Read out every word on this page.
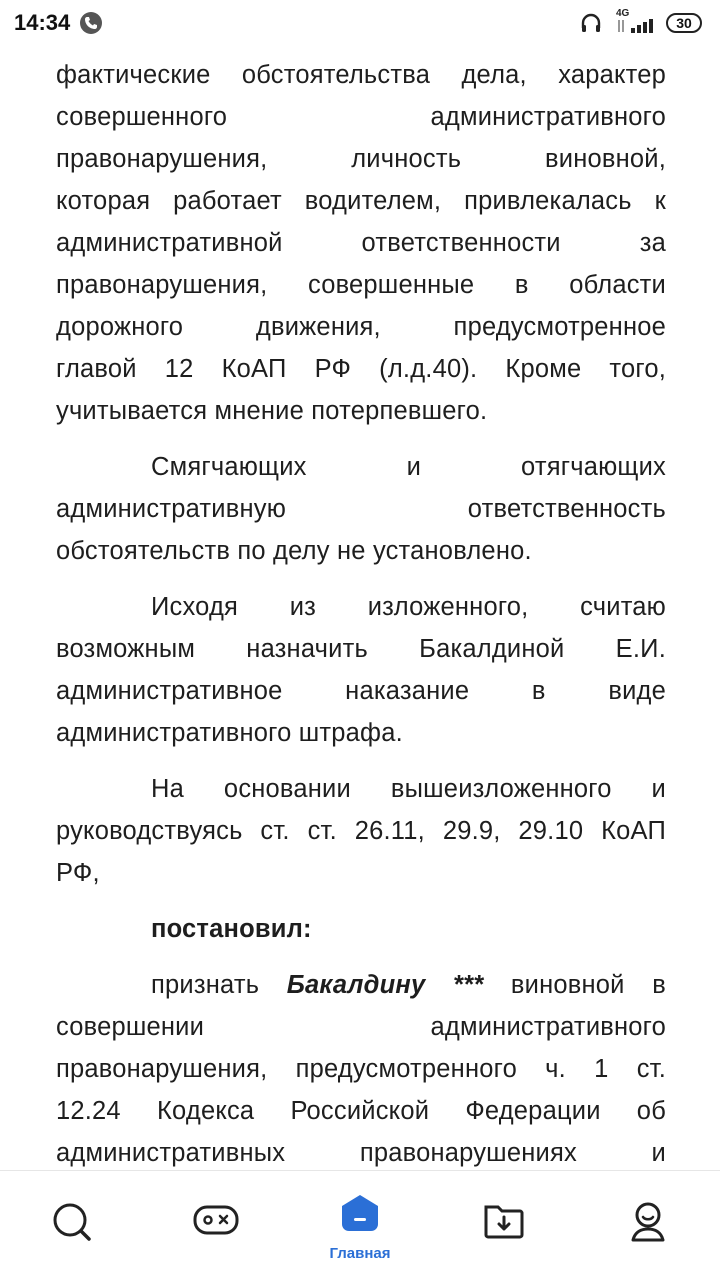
14:34	4G
30
фактические обстоятельства дела, характер
совершенного административного
правонарушения, личность виновной,
которая работает водителем, привлекалась к
административной ответственности за
правонарушения, совершенные в области
дорожного движения, предусмотренное
главой 12 КоАП РФ (л.д.40). Кроме того,
учитывается мнение потерпевшего.
Смягчающих и отягчающих
административную ответственность
обстоятельств по делу не установлено.
Исходя из изложенного, считаю
возможным назначить Бакалдиной Е.И.
административное наказание в виде
административного штрафа.
На основании вышеизложенного и
руководствуясь ст. ст. 26.11, 29.9, 29.10 КоАП
РФ,
постановил:
признать Бакалдину *** виновной в
совершении административного
правонарушения, предусмотренного ч. 1 ст.
12.24 Кодекса Российской Федерации об
административных правонарушениях и
Главная
